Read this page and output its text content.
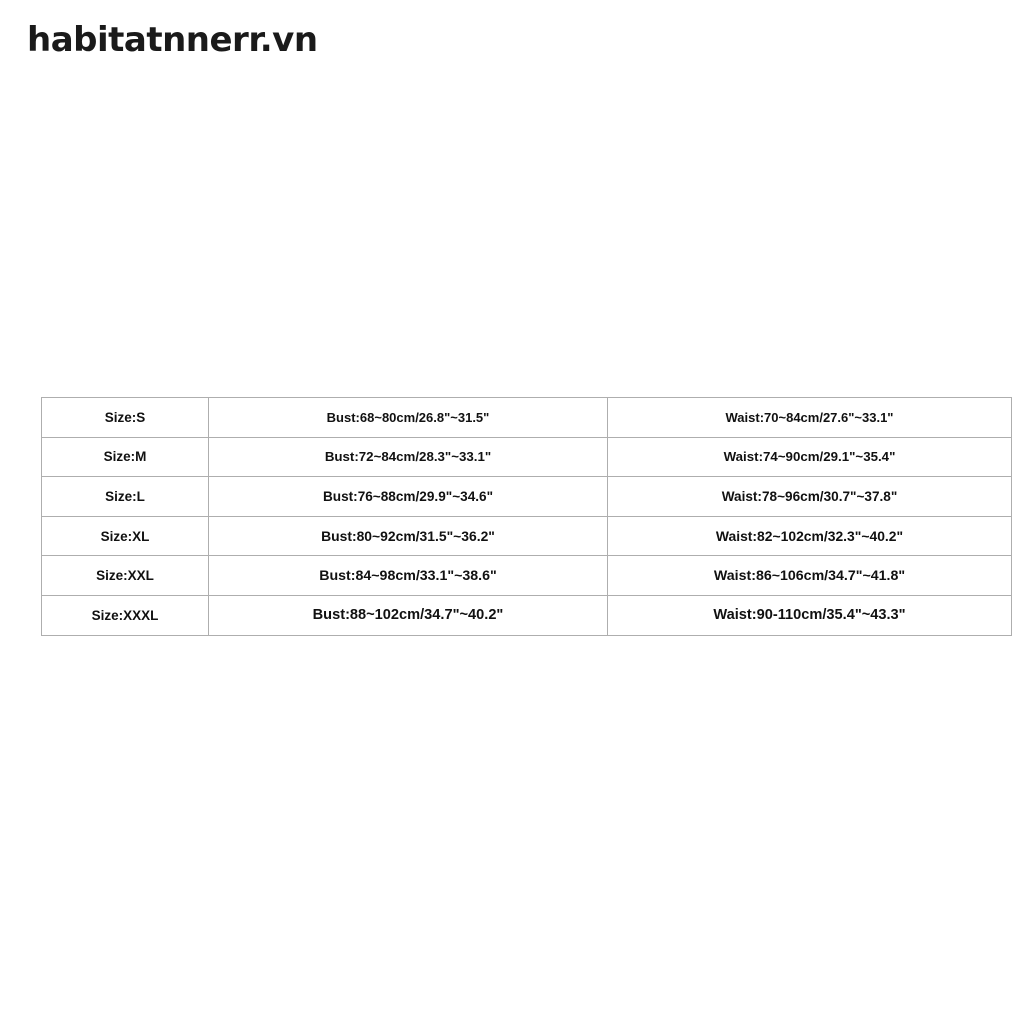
habitatnnerr.vn
Size:S	Bust:68~80cm/26.8"~31.5"	Waist:70~84cm/27.6"~33.1"
Size:M	Bust:72~84cm/28.3"~33.1"	Waist:74~90cm/29.1"~35.4"
Size:L	Bust:76~88cm/29.9"~34.6"	Waist:78~96cm/30.7"~37.8"
Size:XL	Bust:80~92cm/31.5"~36.2"	Waist:82~102cm/32.3"~40.2"
Size:XXL	Bust:84~98cm/33.1"~38.6"	Waist:86~106cm/34.7"~41.8"
Size:XXXL	Bust:88~102cm/34.7"~40.2"	Waist:90-110cm/35.4"~43.3"
